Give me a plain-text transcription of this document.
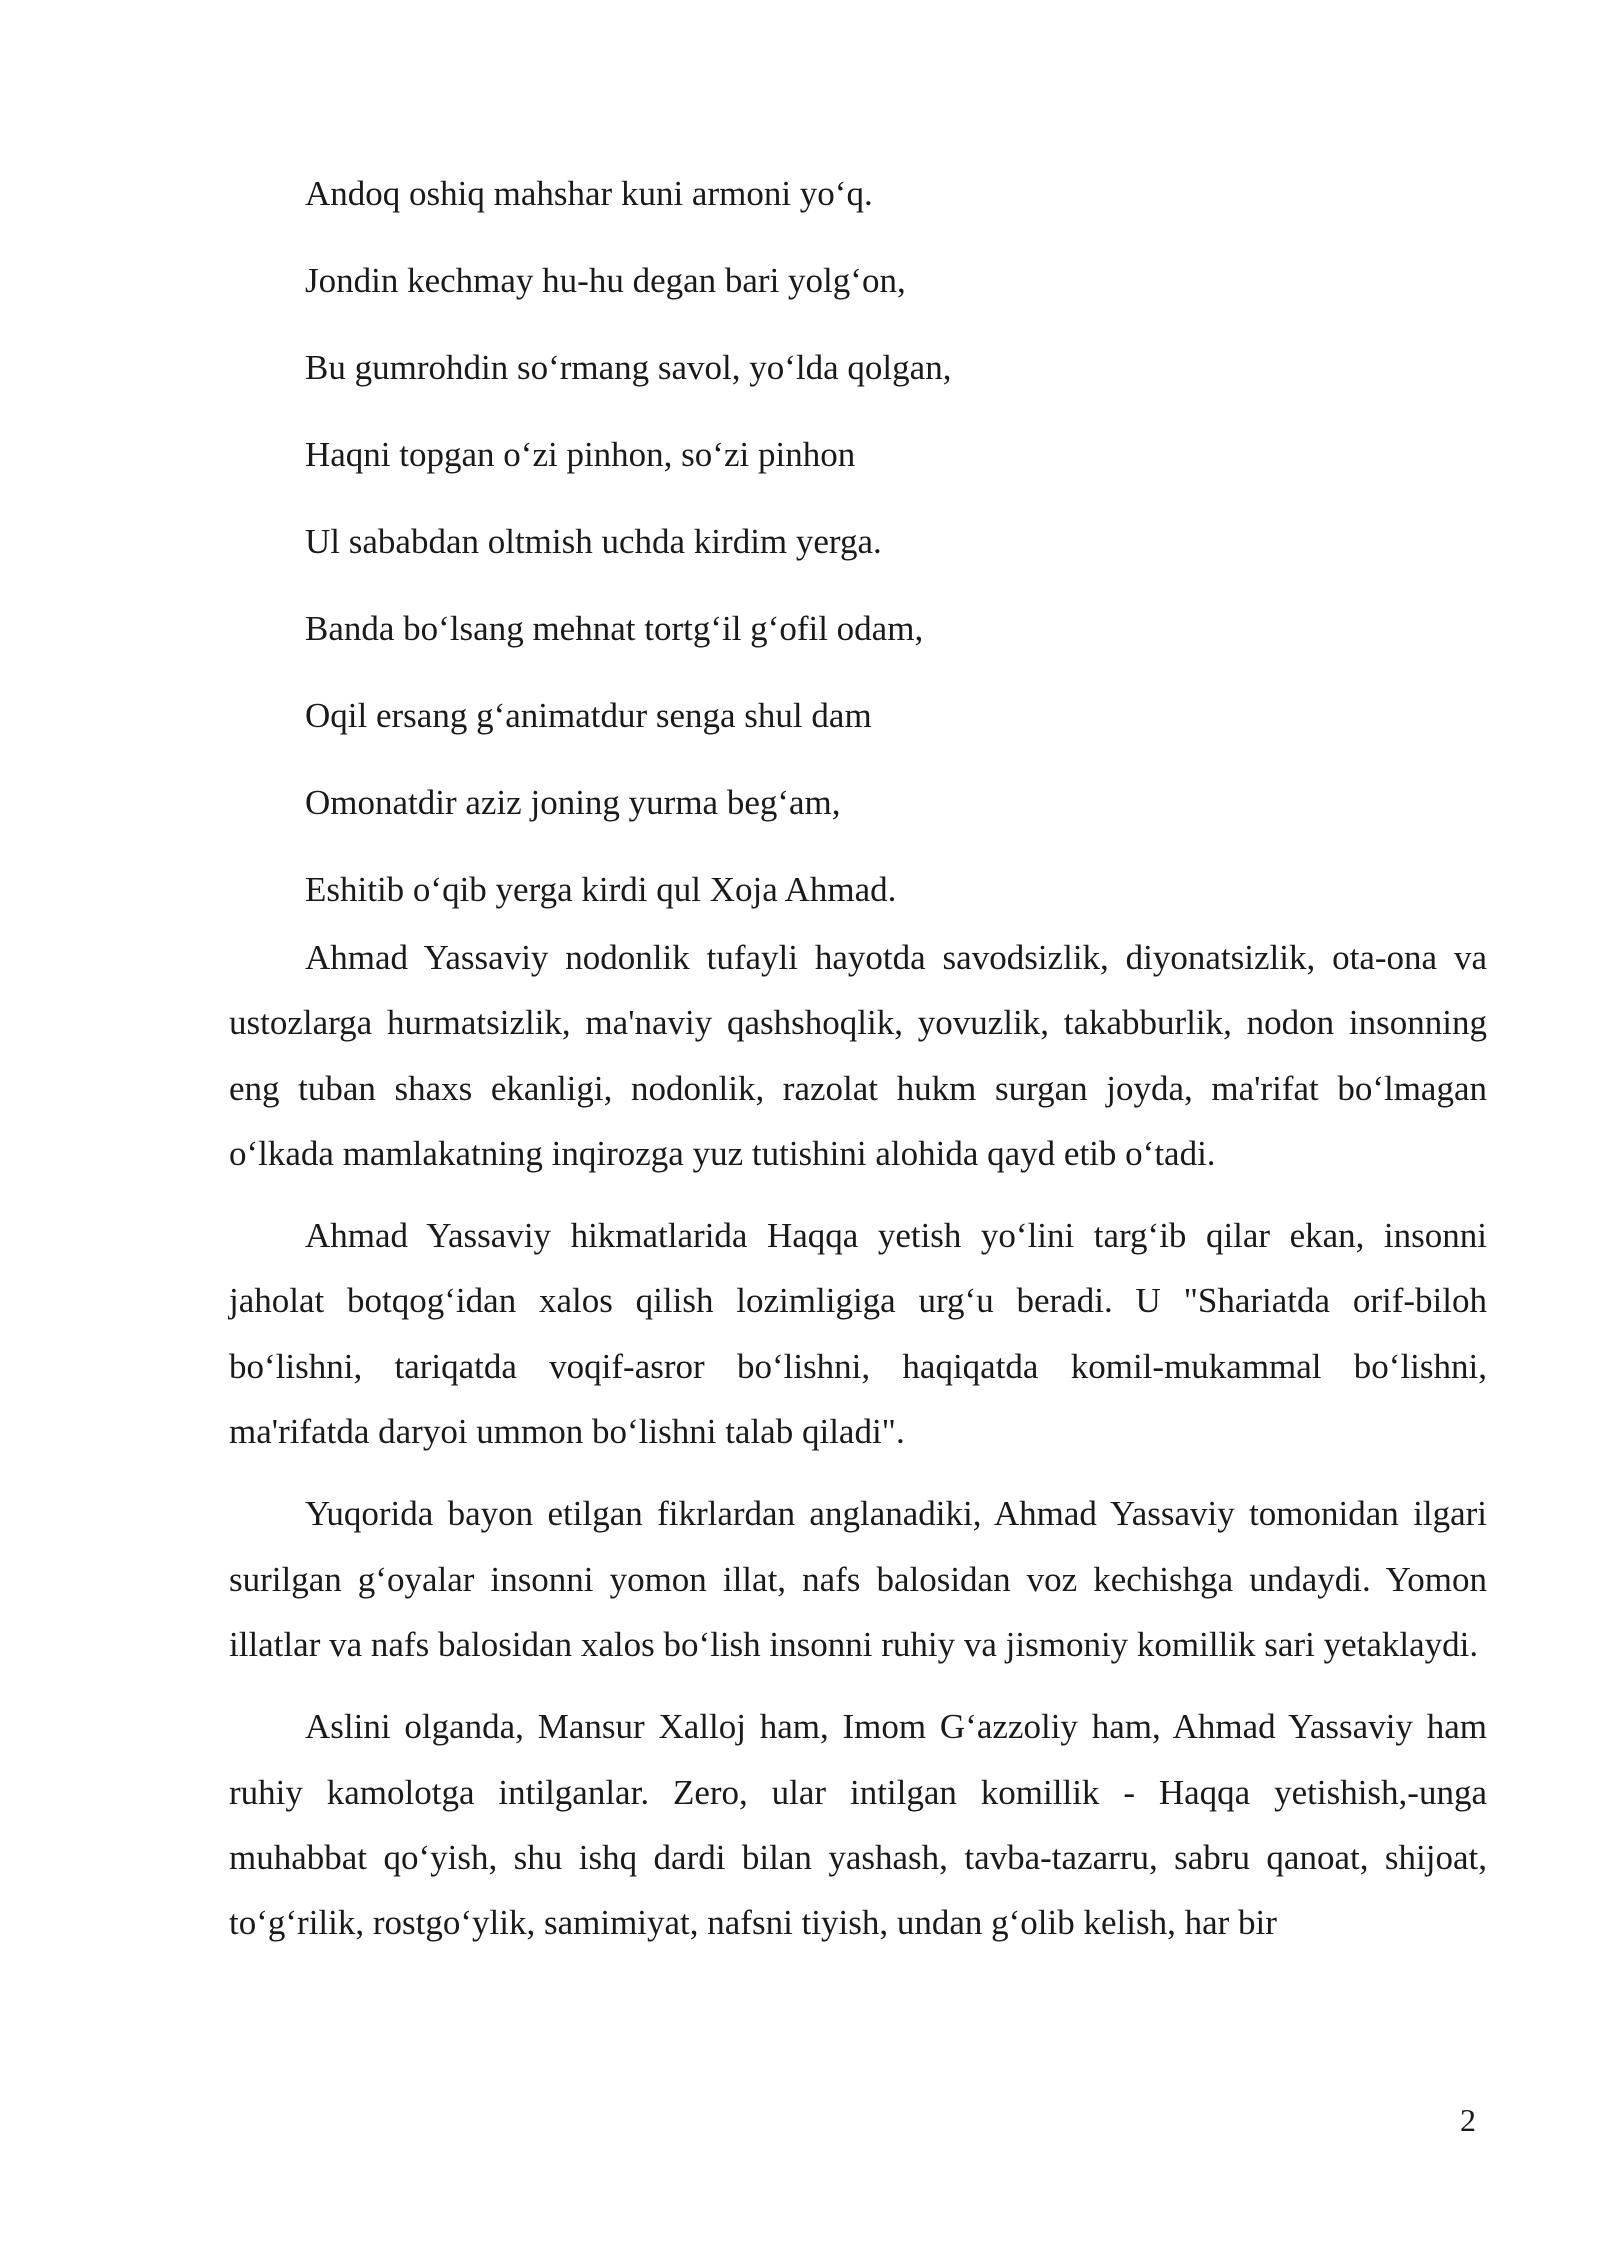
Andoq oshiq mahshar kuni armoni yo‘q.
Jondin kechmay hu-hu degan bari yolg‘on,
Bu gumrohdin so‘rmang savol, yo‘lda qolgan,
Haqni topgan o‘zi pinhon, so‘zi pinhon
Ul sababdan oltmish uchda kirdim yerga.
Banda bo‘lsang mehnat tortg‘il g‘ofil odam,
Oqil ersang g‘animatdur senga shul dam
Omonatdir aziz joning yurma beg‘am,
Eshitib o‘qib yerga kirdi qul Xoja Ahmad.

Ahmad Yassaviy nodonlik tufayli hayotda savodsizlik, diyonatsizlik, ota-ona va ustozlarga hurmatsizlik, ma'naviy qashshoqlik, yovuzlik, takabburlik, nodon insonning eng tuban shaxs ekanligi, nodonlik, razolat hukm surgan joyda, ma'rifat bo‘lmagan o‘lkada mamlakatning inqirozga yuz tutishini alohida qayd etib o‘tadi.

Ahmad Yassaviy hikmatlarida Haqqa yetish yo‘lini targ‘ib qilar ekan, insonni jaholat botqog‘idan xalos qilish lozimligiga urg‘u beradi. U "Shariatda orif-biloh bo‘lishni, tariqatda voqif-asror bo‘lishni, haqiqatda komil-mukammal bo‘lishni, ma'rifatda daryoi ummon bo‘lishni talab qiladi".

Yuqorida bayon etilgan fikrlardan anglanadiki, Ahmad Yassaviy tomonidan ilgari surilgan g‘oyalar insonni yomon illat, nafs balosidan voz kechishga undaydi. Yomon illatlar va nafs balosidan xalos bo‘lish insonni ruhiy va jismoniy komillik sari yetaklaydi.

Aslini olganda, Mansur Xalloj ham, Imom G‘azzoliy ham, Ahmad Yassaviy ham ruhiy kamolotga intilganlar. Zero, ular intilgan komillik - Haqqa yetishish,-unga muhabbat qo‘yish, shu ishq dardi bilan yashash, tavba-tazarru, sabru qanoat, shijoat, to‘g‘rilik, rostgo‘ylik, samimiyat, nafsni tiyish, undan g‘olib kelish, har bir

2
